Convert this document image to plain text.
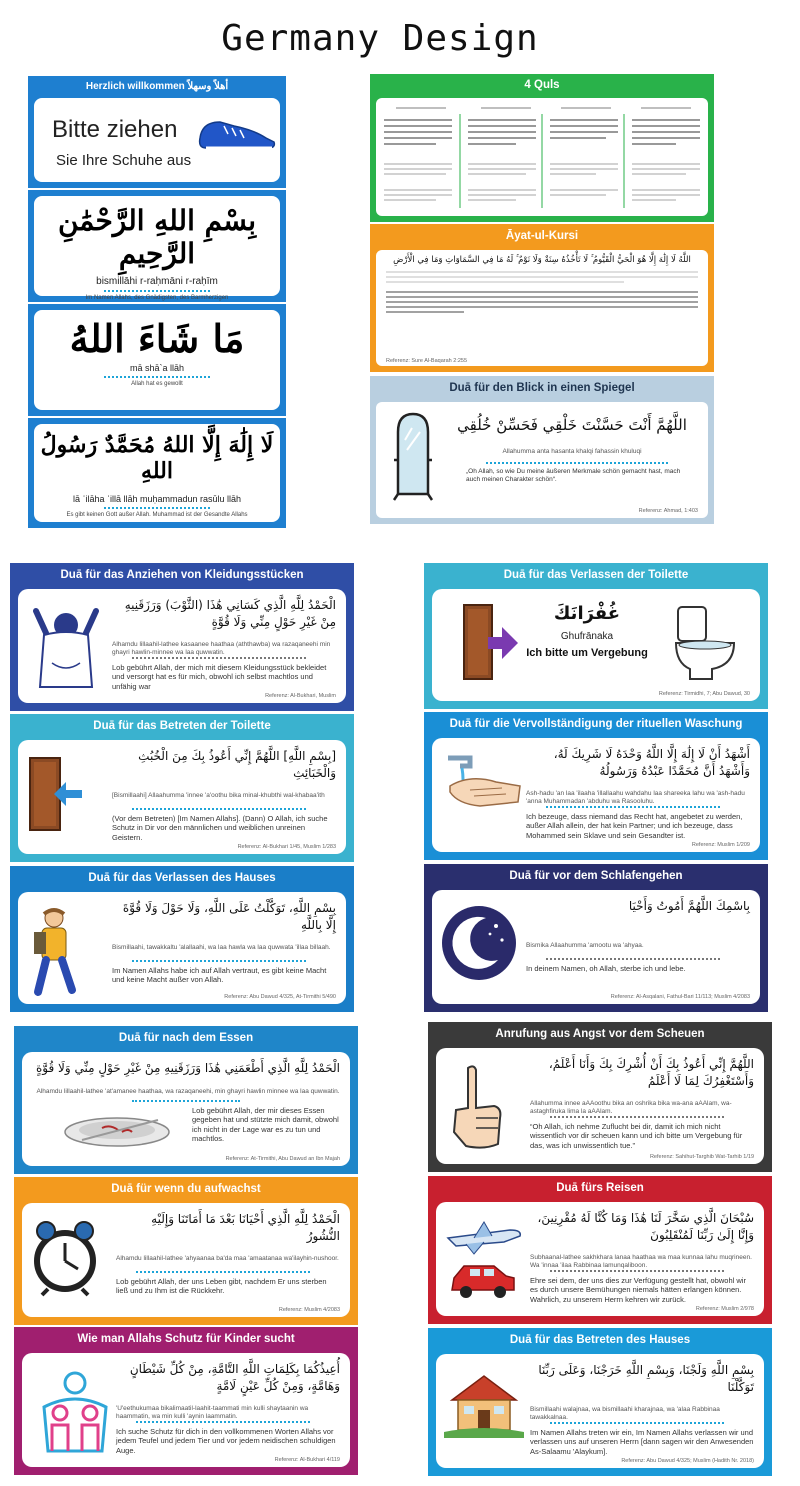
Germany Design
Herzlich willkommen أهلاً وسهلاً
Bitte ziehen
Sie Ihre Schuhe aus
بِسْمِ اللهِ الرَّحْمَٰنِ الرَّحِيمِ
bismillāhi r-raḥmāni r-raḥīm
Im Namen Allahs, des Gnädigsten, des Barmherzigen
مَا شَاءَ اللهُ
mā shā`a llāh
Allah hat es gewollt
لَا إِلَٰهَ إِلَّا اللهُ مُحَمَّدٌ رَسُولُ اللهِ
lā ʾilāha ʾillā llāh muḥammadun rasūlu llāh
Es gibt keinen Gott außer Allah. Muhammad ist der Gesandte Allahs
4 Quls
Āyat-ul-Kursi
اللَّهُ لَا إِلَٰهَ إِلَّا هُوَ الْحَيُّ الْقَيُّومُ ۚ لَا تَأْخُذُهُ سِنَةٌ وَلَا نَوْمٌ ۚ لَهُ مَا فِي السَّمَاوَاتِ وَمَا فِي الْأَرْضِ
Referenz: Sure Al-Baqarah 2:255
Duā für den Blick in einen Spiegel
اللَّهُمَّ أَنْتَ حَسَّنْتَ خَلْقِي فَحَسِّنْ خُلُقِي
Allahumma anta hasanta khalqi fahassin khuluqi
„Oh Allah, so wie Du meine äußeren Merkmale schön gemacht hast, mach auch meinen Charakter schön“.
Referenz: Ahmad, 1:403
Duā für das Anziehen von Kleidungsstücken
الْحَمْدُ لِلَّهِ الَّذِي كَسَانِي هَٰذَا (الثَّوْبَ) وَرَزَقَنِيهِ مِنْ غَيْرِ حَوْلٍ مِنِّي وَلَا قُوَّةٍ
Alhamdu lillaahil-lathee kasaanee haathaa (aththawba) wa razaqaneehi min ghayri hawlin-minnee wa laa quwwatin.
Lob gebührt Allah, der mich mit diesem Kleidungsstück bekleidet und versorgt hat es für mich, obwohl ich selbst machtlos und unfähig war
Referenz: Al-Bukhari, Muslim
Duā für das Verlassen der Toilette
غُفْرَانَكَ
Ghufrānaka
Ich bitte um Vergebung
Referenz: Tirmidhi, 7; Abu Dawud, 30
Duā für das Betreten der Toilette
[بِسْمِ اللَّهِ] اللَّهُمَّ إِنِّي أَعُوذُ بِكَ مِنَ الْخُبُثِ وَالْخَبَائِثِ
[Bismillaahi] Allaahumma 'innee 'a'oothu bika minal-khubthi wal-khabaa'ith
(Vor dem Betreten) [Im Namen Allahs]. (Dann) O Allah, ich suche Schutz in Dir vor den männlichen und weiblichen unreinen Geistern.
Referenz: Al-Bukhari 1/45, Muslim 1/283
Duā für die Vervollständigung der rituellen Waschung
أَشْهَدُ أَنْ لَا إِلَٰهَ إِلَّا اللَّهُ وَحْدَهُ لَا شَرِيكَ لَهُ، وَأَشْهَدُ أَنَّ مُحَمَّدًا عَبْدُهُ وَرَسُولُهُ
Ash-hadu 'an laa 'ilaaha 'illallaahu wahdahu laa shareeka lahu wa 'ash-hadu 'anna Muhammadan 'abduhu wa Rasooluhu.
Ich bezeuge, dass niemand das Recht hat, angebetet zu werden, außer Allah allein, der hat kein Partner; und ich bezeuge, dass Mohammed sein Sklave und sein Gesandter ist.
Referenz: Muslim 1/209
Duā für das Verlassen des Hauses
بِسْمِ اللَّهِ، تَوَكَّلْتُ عَلَى اللَّهِ، وَلَا حَوْلَ وَلَا قُوَّةَ إِلَّا بِاللَّهِ
Bismillaahi, tawakkaltu 'alallaahi, wa laa hawla wa laa quwwata 'illaa billaah.
Im Namen Allahs habe ich auf Allah vertraut, es gibt keine Macht und keine Macht außer von Allah.
Referenz: Abu Dawud 4/325, At-Tirmithi 5/490
Duā für vor dem Schlafengehen
بِاسْمِكَ اللَّهُمَّ أَمُوتُ وَأَحْيَا
Bismika Allaahumma 'amootu wa 'ahyaa.
In deinem Namen, oh Allah, sterbe ich und lebe.
Referenz: Al-Asqalani, Fathul-Bari 11/113; Muslim 4/2083
Duā für nach dem Essen
الْحَمْدُ لِلَّهِ الَّذِي أَطْعَمَنِي هَٰذَا وَرَزَقَنِيهِ مِنْ غَيْرِ حَوْلٍ مِنِّي وَلَا قُوَّةٍ
Alhamdu lillaahil-lathee 'at'amanee haathaa, wa razaqaneehi, min ghayri hawlin minnee wa laa quwwatin.
Lob gebührt Allah, der mir dieses Essen gegeben hat und stützte mich damit, obwohl ich nicht in der Lage war es zu tun und machtlos.
Referenz: At-Tirmithi, Abu Dawud an Ibn Majah
Anrufung aus Angst vor dem Scheuen
اللَّهُمَّ إِنِّي أَعُوذُ بِكَ أَنْ أُشْرِكَ بِكَ وَأَنَا أَعْلَمُ، وَأَسْتَغْفِرُكَ لِمَا لَا أَعْلَمُ
Allahumma innee aAAoothu bika an oshrika bika wa-ana aAAlam, wa-astaghfiruka lima la aAAlam.
“Oh Allah, ich nehme Zuflucht bei dir, damit ich mich nicht wissentlich vor dir scheuen kann und ich bitte um Vergebung für das, was ich unwissentlich tue.”
Referenz: Sahihut-Targhib Wat-Tarhib 1/19
Duā für wenn du aufwachst
الْحَمْدُ لِلَّهِ الَّذِي أَحْيَانَا بَعْدَ مَا أَمَاتَنَا وَإِلَيْهِ النُّشُورُ
Alhamdu lillaahil-lathee 'ahyaanaa ba'da maa 'amaatanaa wa'ilayhin-nushoor.
Lob gebührt Allah, der uns Leben gibt, nachdem Er uns sterben ließ und zu Ihm ist die Rückkehr.
Referenz: Muslim 4/2083
Duā fürs Reisen
سُبْحَانَ الَّذِي سَخَّرَ لَنَا هَٰذَا وَمَا كُنَّا لَهُ مُقْرِنِينَ، وَإِنَّا إِلَىٰ رَبِّنَا لَمُنْقَلِبُونَ
Subhaanal-lathee sakhkhara lanaa haathaa wa maa kunnaa lahu muqrineen. Wa 'innaa 'ilaa Rabbinaa lamunqaliboon.
Ehre sei dem, der uns dies zur Verfügung gestellt hat, obwohl wir es durch unsere Bemühungen niemals hätten erlangen können. Wahrlich, zu unserem Herrn kehren wir zurück.
Referenz: Muslim 2/978
Wie man Allahs Schutz für Kinder sucht
أُعِيذُكُمَا بِكَلِمَاتِ اللَّهِ التَّامَّةِ، مِنْ كُلِّ شَيْطَانٍ وَهَامَّةٍ، وَمِنْ كُلِّ عَيْنٍ لَامَّةٍ
'U'eethukumaa bikalimaatil-laahit-taammati min kulli shaytaanin wa haammatin, wa min kulli 'aynin laammatin.
Ich suche Schutz für dich in den vollkommenen Worten Allahs vor jedem Teufel und jedem Tier und vor jedem neidischen schuldigen Auge.
Referenz: Al-Bukhari 4/119
Duā für das Betreten des Hauses
بِسْمِ اللَّهِ وَلَجْنَا، وَبِسْمِ اللَّهِ خَرَجْنَا، وَعَلَى رَبِّنَا تَوَكَّلْنَا
Bismillaahi walajnaa, wa bismillaahi kharajnaa, wa 'alaa Rabbinaa tawakkalnaa.
Im Namen Allahs treten wir ein, Im Namen Allahs verlassen wir und verlassen uns auf unseren Herrn [dann sagen wir den Anwesenden As-Salaamu 'Alaykum].
Referenz: Abu Dawud 4/325; Muslim (Hadith Nr. 2018)
